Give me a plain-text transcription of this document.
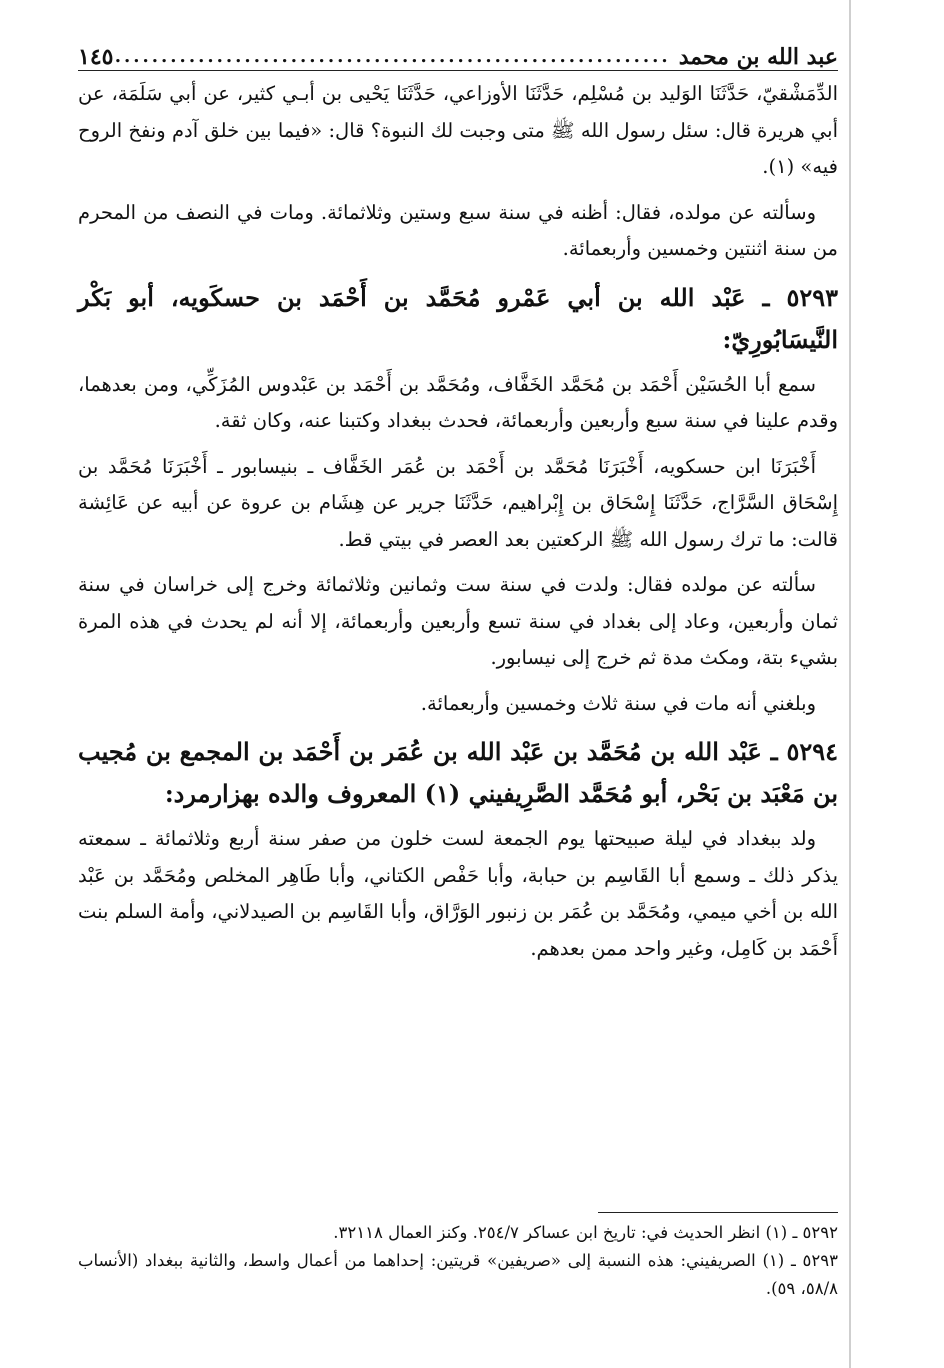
عبد الله بن محمد
.....
١٤٥

الدِّمَشْقيّ، حَدَّثَنَا الوَليد بن مُسْلِم، حَدَّثَنَا الأوزاعي، حَدَّثَنَا يَحْيى بن أبـي كثير، عن أبي سَلَمَة، عن أبي هريرة قال: سئل رسول الله ﷺ متى وجبت لك النبوة؟ قال: «فيما بين خلق آدم ونفخ الروح فيه» (١).

وسألته عن مولده، فقال: أظنه في سنة سبع وستين وثلاثمائة. ومات في النصف من المحرم من سنة اثنتين وخمسين وأربعمائة.

٥٢٩٣ ـ عَبْد الله بن أبي عَمْرو مُحَمَّد بن أَحْمَد بن حسكَويه، أبو بَكْر النَّيسَابُورِيّ:

سمع أبا الحُسَيْن أَحْمَد بن مُحَمَّد الخَفَّاف، ومُحَمَّد بن أَحْمَد بن عَبْدوس المُزَكِّي، ومن بعدهما، وقدم علينا في سنة سبع وأربعين وأربعمائة، فحدث ببغداد وكتبنا عنه، وكان ثقة.

أَخْبَرَنَا ابن حسكويه، أَخْبَرَنَا مُحَمَّد بن أَحْمَد بن عُمَر الخَفَّاف ـ بنيسابور ـ أَخْبَرَنَا مُحَمَّد بن إِسْحَاق السَّرَّاج، حَدَّثَنَا إِسْحَاق بن إِبْراهيم، حَدَّثَنَا جرير عن هِشَام بن عروة عن أبيه عن عَائِشة قالت: ما ترك رسول الله ﷺ الركعتين بعد العصر في بيتي قط.

سألته عن مولده فقال: ولدت في سنة ست وثمانين وثلاثمائة وخرج إلى خراسان في سنة ثمان وأربعين، وعاد إلى بغداد في سنة تسع وأربعين وأربعمائة، إلا أنه لم يحدث في هذه المرة بشيء بتة، ومكث مدة ثم خرج إلى نيسابور.

وبلغني أنه مات في سنة ثلاث وخمسين وأربعمائة.

٥٢٩٤ ـ عَبْد الله بن مُحَمَّد بن عَبْد الله بن عُمَر بن أَحْمَد بن المجمع بن مُجيب بن مَعْبَد بن بَحْر، أبو مُحَمَّد الصَّرِيفيني (١) المعروف والده بهزارمرد:

ولد ببغداد في ليلة صبيحتها يوم الجمعة لست خلون من صفر سنة أربع وثلاثمائة ـ سمعته يذكر ذلك ـ وسمع أبا القَاسِم بن حبابة، وأبا حَفْص الكتاني، وأبا طَاهِر المخلص ومُحَمَّد بن عَبْد الله بن أخي ميمي، ومُحَمَّد بن عُمَر بن زنبور الوَرَّاق، وأبا القَاسِم بن الصيدلاني، وأمة السلم بنت أَحْمَد بن كَامِل، وغير واحد ممن بعدهم.

٥٢٩٢ ـ (١) انظر الحديث في: تاريخ ابن عساكر ٢٥٤/٧. وكنز العمال ٣٢١١٨.

٥٢٩٣ ـ (١) الصريفيني: هذه النسبة إلى «صريفين» قريتين: إحداهما من أعمال واسط، والثانية ببغداد (الأنساب ٥٨/٨، ٥٩).
